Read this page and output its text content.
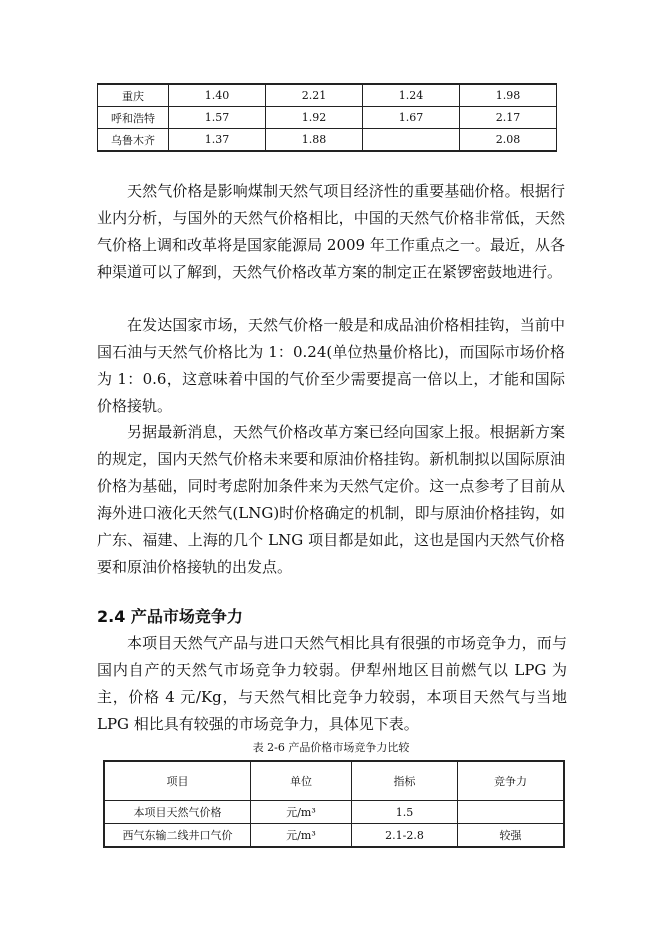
重庆	1.40	2.21	1.24	1.98
呼和浩特	1.57	1.92	1.67	2.17
乌鲁木齐	1.37	1.88		2.08

天然气价格是影响煤制天然气项目经济性的重要基础价格。根据行业内分析，与国外的天然气价格相比，中国的天然气价格非常低，天然气价格上调和改革将是国家能源局 2009 年工作重点之一。最近，从各种渠道可以了解到，天然气价格改革方案的制定正在紧锣密鼓地进行。

在发达国家市场，天然气价格一般是和成品油价格相挂钩，当前中国石油与天然气价格比为 1：0.24(单位热量价格比)，而国际市场价格为 1：0.6，这意味着中国的气价至少需要提高一倍以上，才能和国际价格接轨。

另据最新消息，天然气价格改革方案已经向国家上报。根据新方案的规定，国内天然气价格未来要和原油价格挂钩。新机制拟以国际原油价格为基础，同时考虑附加条件来为天然气定价。这一点参考了目前从海外进口液化天然气(LNG)时价格确定的机制，即与原油价格挂钩，如广东、福建、上海的几个 LNG 项目都是如此，这也是国内天然气价格要和原油价格接轨的出发点。

2.4 产品市场竞争力

本项目天然气产品与进口天然气相比具有很强的市场竞争力，而与国内自产的天然气市场竞争力较弱。伊犁州地区目前燃气以 LPG 为主，价格 4 元/Kg，与天然气相比竞争力较弱，本项目天然气与当地 LPG 相比具有较强的市场竞争力，具体见下表。

表 2-6 产品价格市场竞争力比较
项目	单位	指标	竞争力
本项目天然气价格	元/m³	1.5	
西气东输二线井口气价	元/m³	2.1-2.8	较强
